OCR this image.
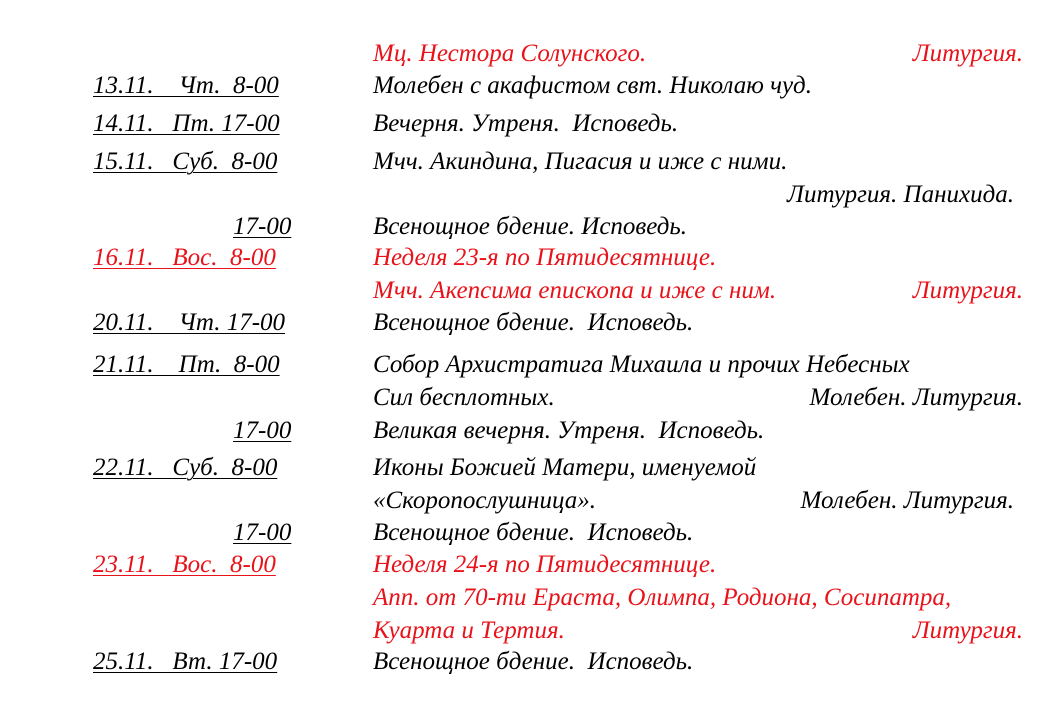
Мц. Нестора Солунского.	Литургия.
13.11.    Чт.  8-00	Молебен с акафистом свт. Николаю чуд.
14.11.   Пт. 17-00	Вечерня. Утреня.  Исповедь.
15.11.   Суб.  8-00	Мчч. Акиндина, Пигасия и иже с ними.
Литургия. Панихида.
17-00	Всенощное бдение. Исповедь.
16.11.   Вос.  8-00	Неделя 23-я по Пятидесятнице.
Мчч. Акепсима епископа и иже с ним.	Литургия.
20.11.    Чт. 17-00	Всенощное бдение.  Исповедь.
21.11.    Пт.  8-00	Собор Архистратига Михаила и прочих Небесных
Сил бесплотных.	Молебен. Литургия.
17-00	Великая вечерня. Утреня.  Исповедь.
22.11.   Суб.  8-00	Иконы Божией Матери, именуемой
«Скоропослушница».	Молебен. Литургия.
17-00	Всенощное бдение.  Исповедь.
23.11.   Вос.  8-00	Неделя 24-я по Пятидесятнице.
Апп. от 70-ти Ераста, Олимпа, Родиона, Сосипатра,
Куарта и Тертия.	Литургия.
25.11.   Вт. 17-00	Всенощное бдение.  Исповедь.
